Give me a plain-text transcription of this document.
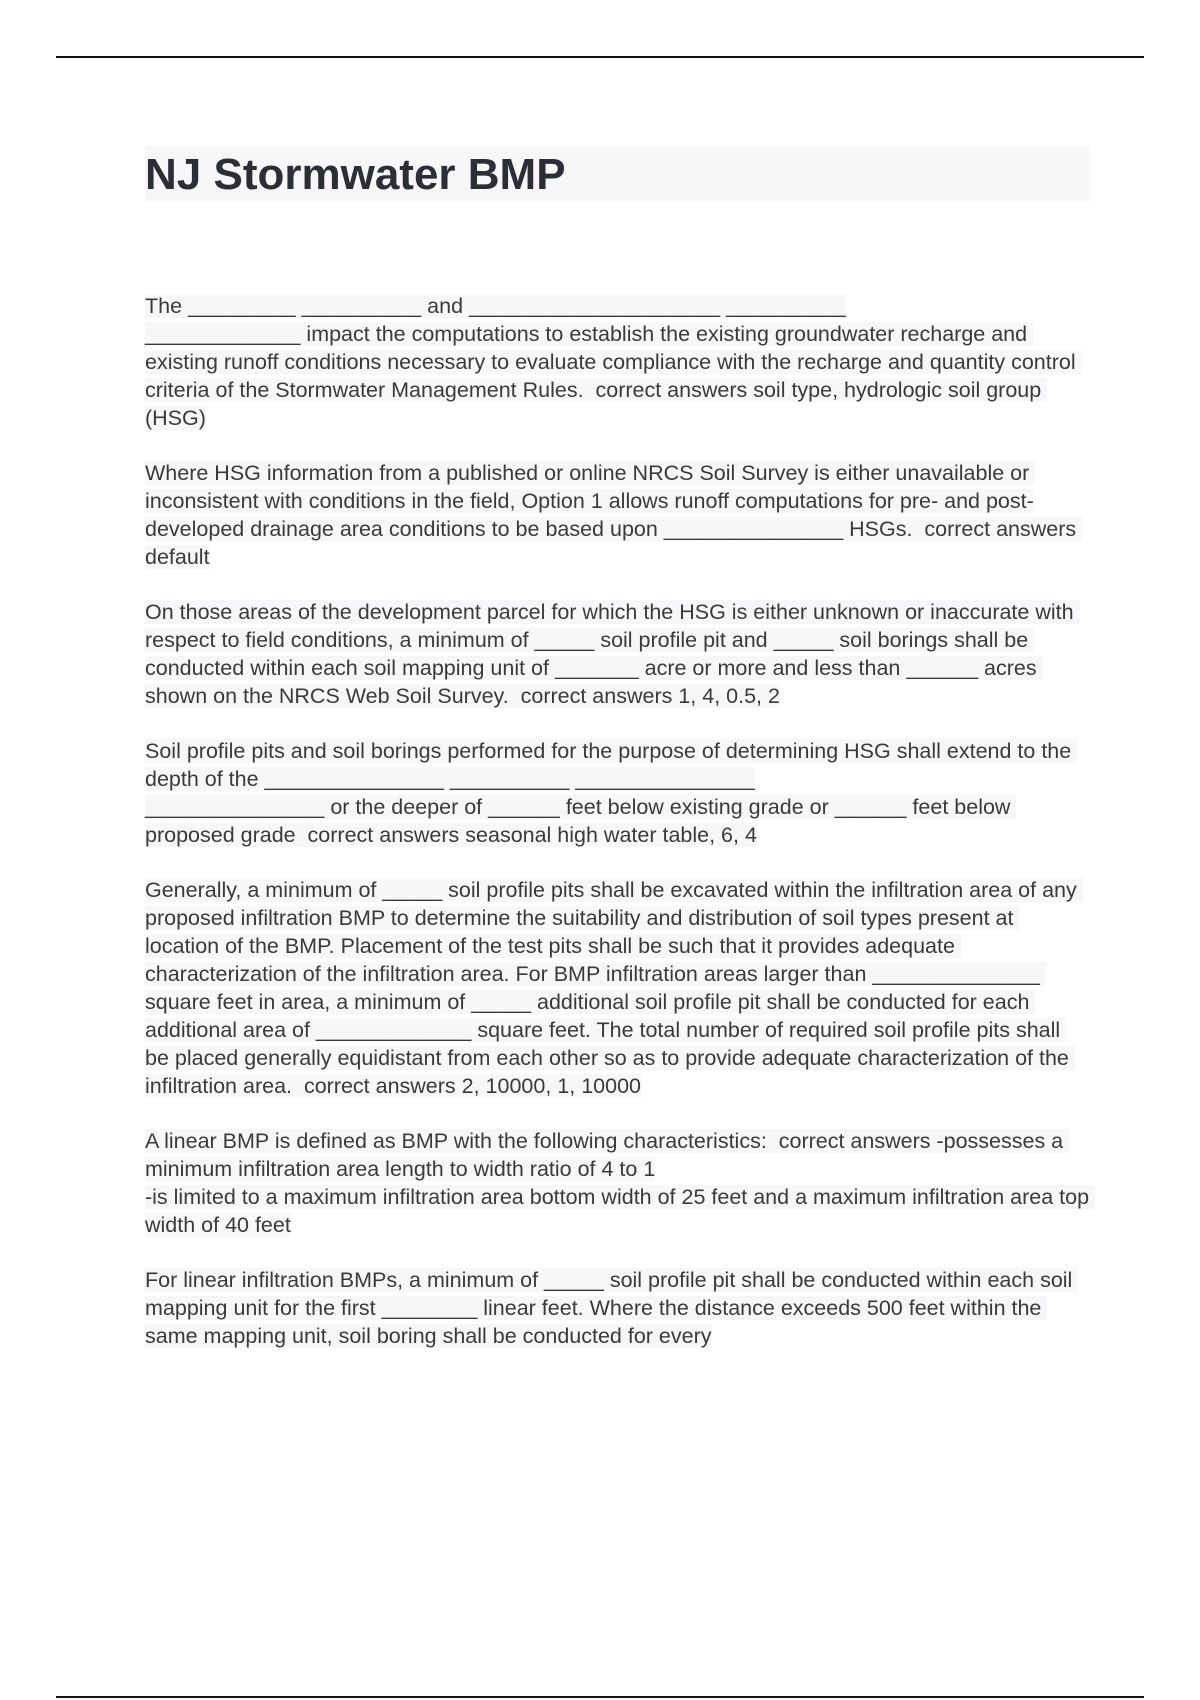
NJ Stormwater BMP

The _________ __________ and _____________________ __________
_____________ impact the computations to establish the existing groundwater recharge and existing runoff conditions necessary to evaluate compliance with the recharge and quantity control criteria of the Stormwater Management Rules.  correct answers soil type, hydrologic soil group (HSG)

Where HSG information from a published or online NRCS Soil Survey is either unavailable or inconsistent with conditions in the field, Option 1 allows runoff computations for pre- and post-developed drainage area conditions to be based upon _______________ HSGs.  correct answers default

On those areas of the development parcel for which the HSG is either unknown or inaccurate with respect to field conditions, a minimum of _____ soil profile pit and _____ soil borings shall be conducted within each soil mapping unit of _______ acre or more and less than ______ acres shown on the NRCS Web Soil Survey.  correct answers 1, 4, 0.5, 2

Soil profile pits and soil borings performed for the purpose of determining HSG shall extend to the depth of the _______________ __________ _______________
_______________ or the deeper of ______ feet below existing grade or ______ feet below proposed grade  correct answers seasonal high water table, 6, 4

Generally, a minimum of _____ soil profile pits shall be excavated within the infiltration area of any proposed infiltration BMP to determine the suitability and distribution of soil types present at location of the BMP. Placement of the test pits shall be such that it provides adequate characterization of the infiltration area. For BMP infiltration areas larger than ______________ square feet in area, a minimum of _____ additional soil profile pit shall be conducted for each additional area of _____________ square feet. The total number of required soil profile pits shall be placed generally equidistant from each other so as to provide adequate characterization of the infiltration area.  correct answers 2, 10000, 1, 10000

A linear BMP is defined as BMP with the following characteristics:  correct answers -possesses a minimum infiltration area length to width ratio of 4 to 1
-is limited to a maximum infiltration area bottom width of 25 feet and a maximum infiltration area top width of 40 feet

For linear infiltration BMPs, a minimum of _____ soil profile pit shall be conducted within each soil mapping unit for the first ________ linear feet. Where the distance exceeds 500 feet within the same mapping unit, soil boring shall be conducted for every
